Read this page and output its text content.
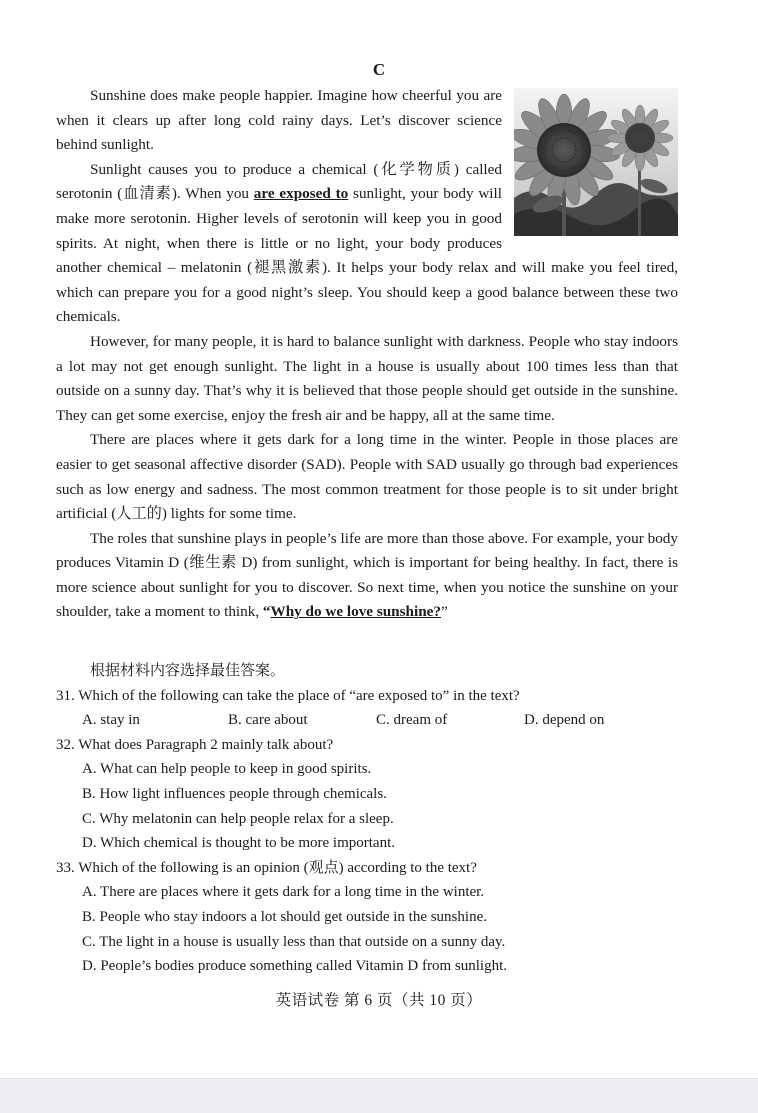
C

Sunshine does make people happier. Imagine how cheerful you are when it clears up after long cold rainy days. Let’s discover science behind sunlight.

Sunlight causes you to produce a chemical (化学物质) called serotonin (血清素). When you are exposed to sunlight, your body will make more serotonin. Higher levels of serotonin will keep you in good spirits. At night, when there is little or no light, your body produces another chemical – melatonin (褪黑激素). It helps your body relax and will make you feel tired, which can prepare you for a good night’s sleep. You should keep a good balance between these two chemicals.

However, for many people, it is hard to balance sunlight with darkness. People who stay indoors a lot may not get enough sunlight. The light in a house is usually about 100 times less than that outside on a sunny day. That’s why it is believed that those people should get outside in the sunshine. They can get some exercise, enjoy the fresh air and be happy, all at the same time.

There are places where it gets dark for a long time in the winter. People in those places are easier to get seasonal affective disorder (SAD). People with SAD usually go through bad experiences such as low energy and sadness. The most common treatment for those people is to sit under bright artificial (人工的) lights for some time.

The roles that sunshine plays in people’s life are more than those above. For example, your body produces Vitamin D (维生素 D) from sunlight, which is important for being healthy. In fact, there is more science about sunlight for you to discover. So next time, when you notice the sunshine on your shoulder, take a moment to think, “Why do we love sunshine?”

根据材料内容选择最佳答案。
31. Which of the following can take the place of “are exposed to” in the text?
A. stay in	B. care about	C. dream of	D. depend on
32. What does Paragraph 2 mainly talk about?
A. What can help people to keep in good spirits.
B. How light influences people through chemicals.
C. Why melatonin can help people relax for a sleep.
D. Which chemical is thought to be more important.
33. Which of the following is an opinion (观点) according to the text?
A. There are places where it gets dark for a long time in the winter.
B. People who stay indoors a lot should get outside in the sunshine.
C. The light in a house is usually less than that outside on a sunny day.
D. People’s bodies produce something called Vitamin D from sunlight.
英语试卷 第 6 页（共 10 页）
